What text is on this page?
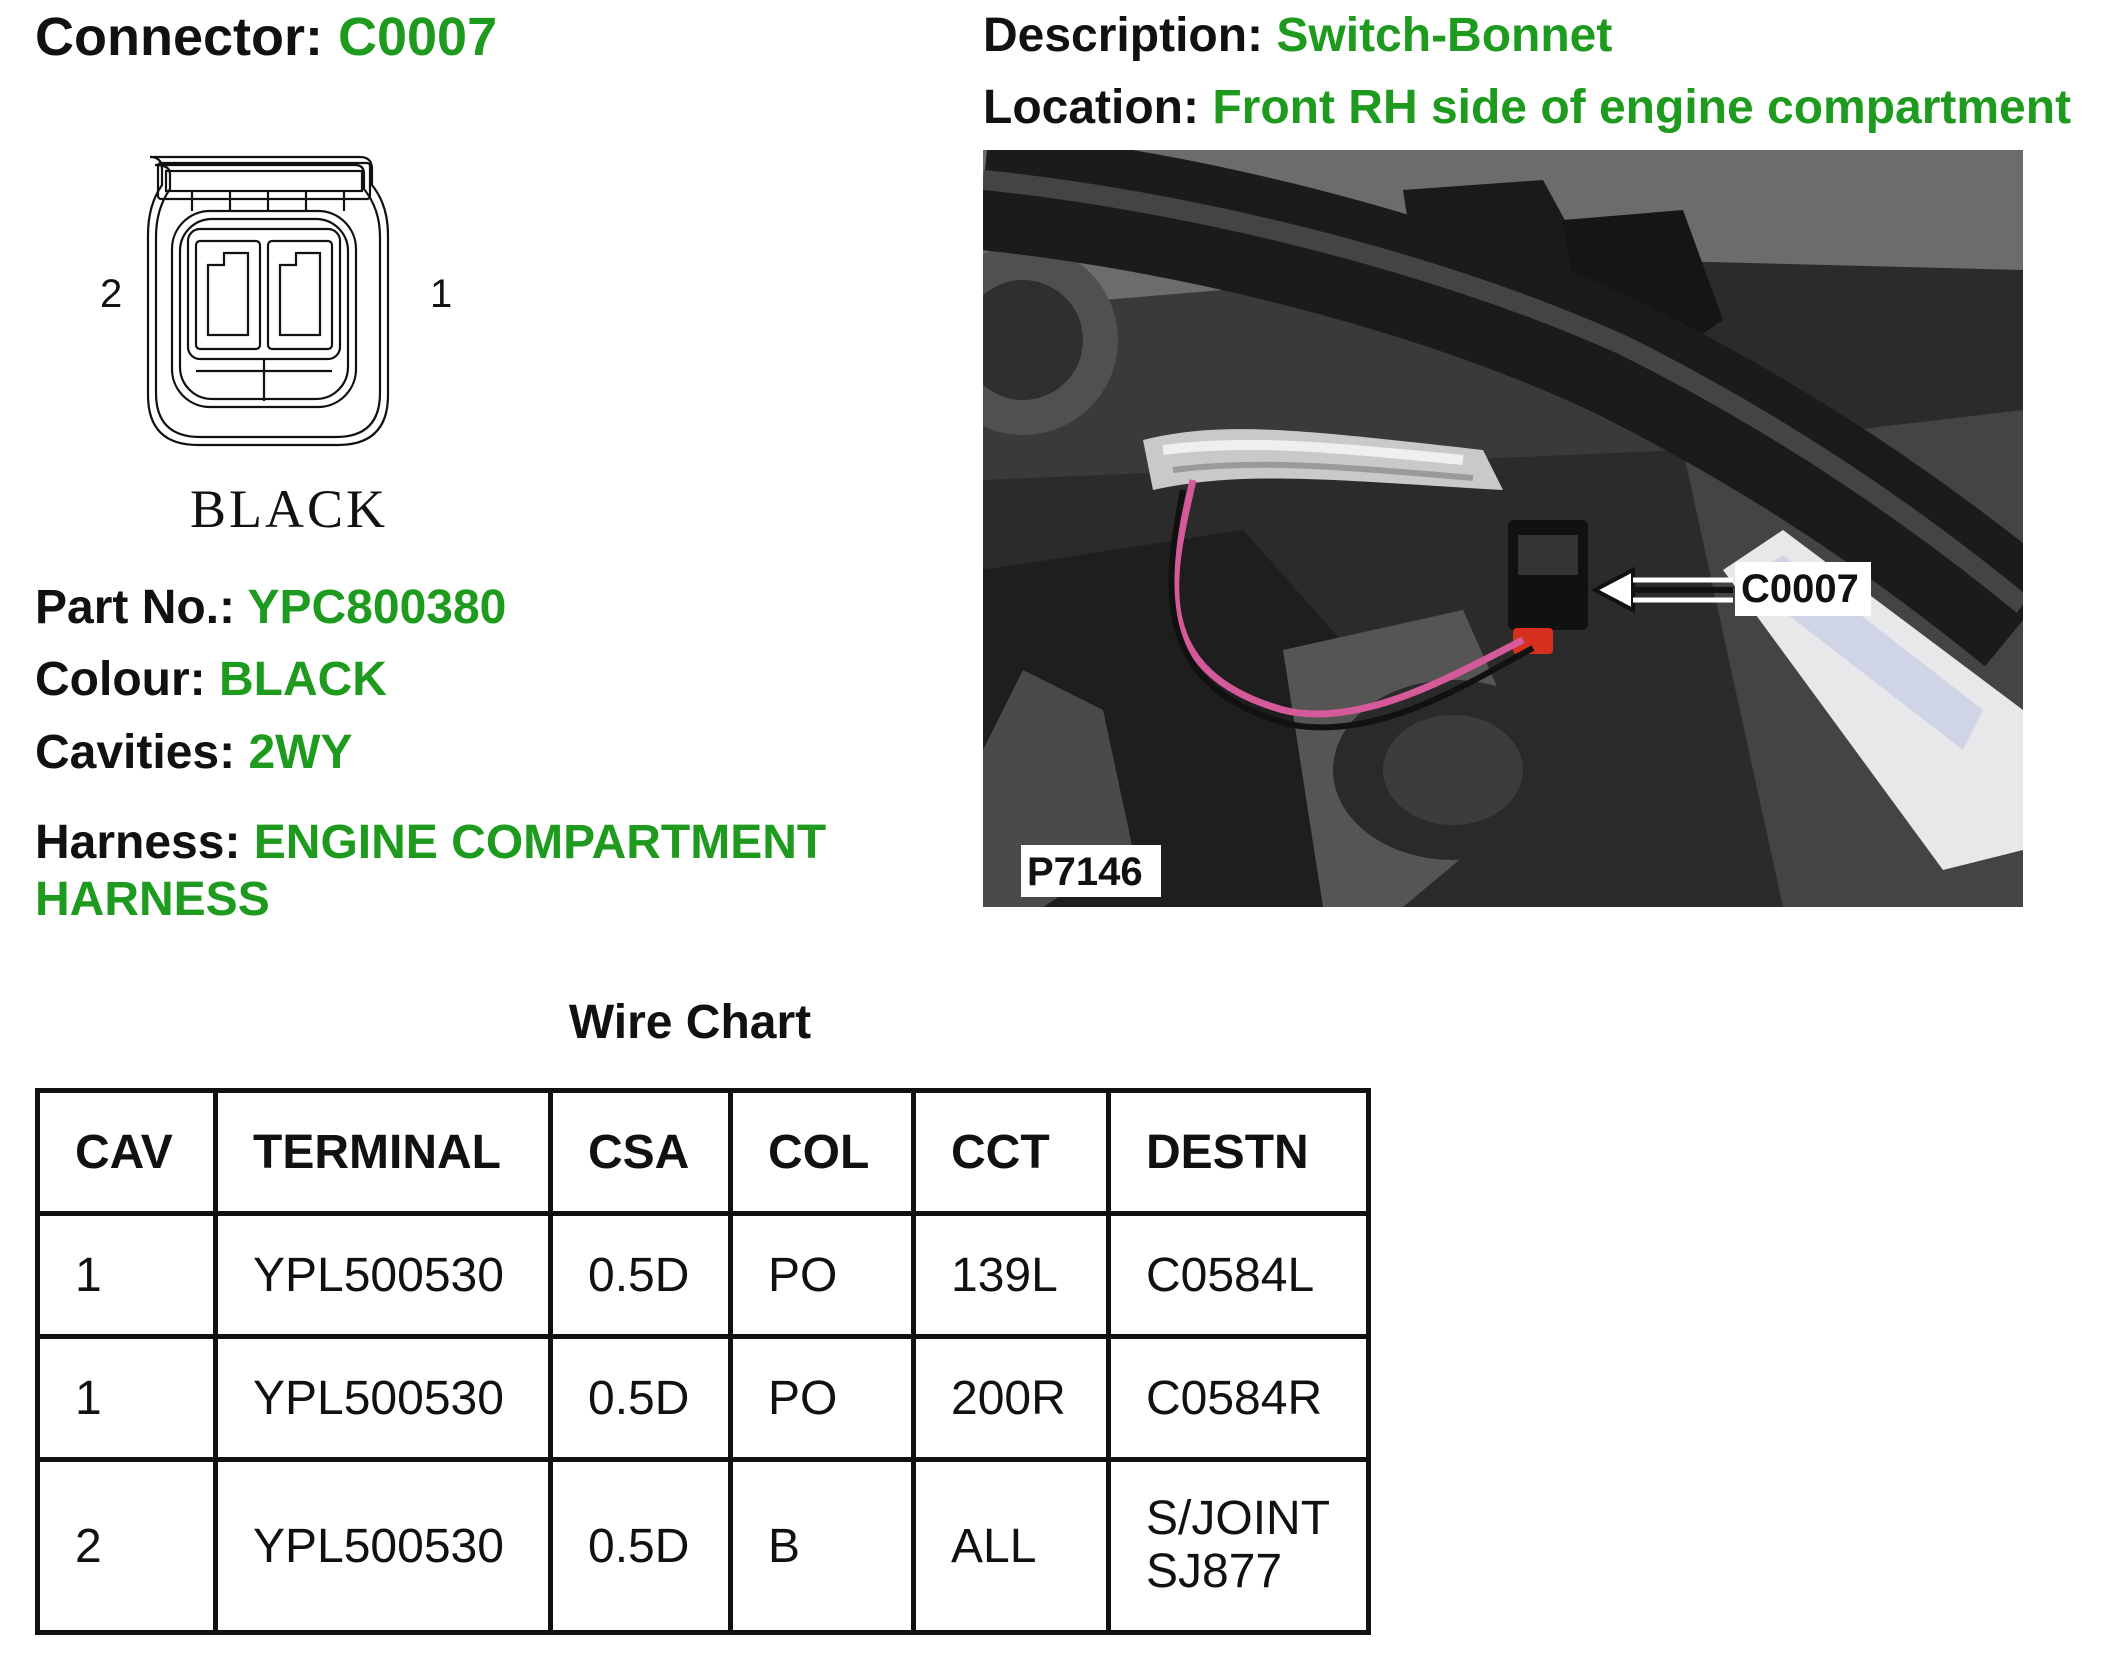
Connector: C0007	Description: Switch-Bonnet
Location: Front RH side of engine compartment
2	1
BLACK
C0007
P7146
Part No.: YPC800380
Colour: BLACK
Cavities: 2WY
Harness: ENGINE COMPARTMENT HARNESS
Wire Chart
CAV	TERMINAL	CSA	COL	CCT	DESTN
1	YPL500530	0.5D	PO	139L	C0584L
1	YPL500530	0.5D	PO	200R	C0584R
2	YPL500530	0.5D	B	ALL	S/JOINT
SJ877
